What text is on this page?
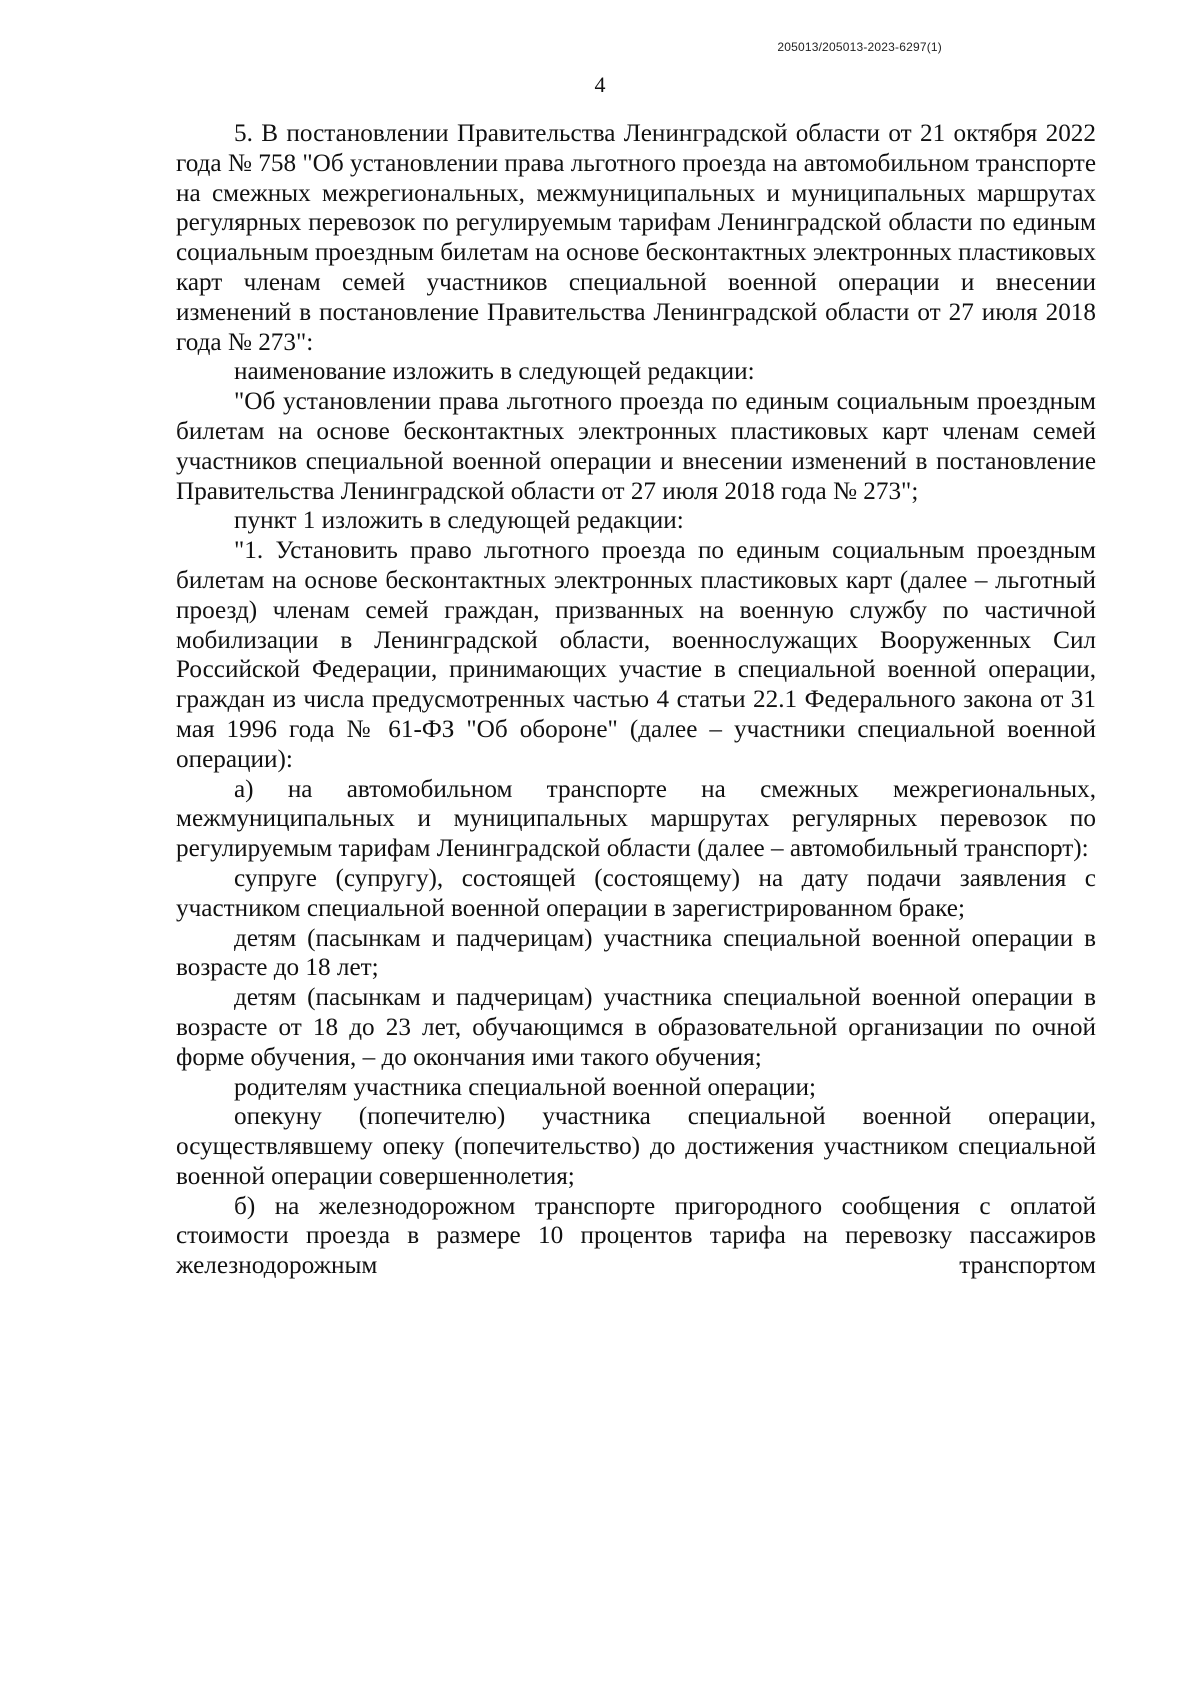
205013/205013-2023-6297(1)
4

5. В постановлении Правительства Ленинградской области от 21 октября 2022 года № 758 "Об установлении права льготного проезда на автомобильном транспорте на смежных межрегиональных, межмуниципальных и муниципальных маршрутах регулярных перевозок по регулируемым тарифам Ленинградской области по единым социальным проездным билетам на основе бесконтактных электронных пластиковых карт членам семей участников специальной военной операции и внесении изменений в постановление Правительства Ленинградской области от 27 июля 2018 года № 273":

наименование изложить в следующей редакции:

"Об установлении права льготного проезда по единым социальным проездным билетам на основе бесконтактных электронных пластиковых карт членам семей участников специальной военной операции и внесении изменений в постановление Правительства Ленинградской области от 27 июля 2018 года № 273";

пункт 1 изложить в следующей редакции:

"1. Установить право льготного проезда по единым социальным проездным билетам на основе бесконтактных электронных пластиковых карт (далее – льготный проезд) членам семей граждан, призванных на военную службу по частичной мобилизации в Ленинградской области, военнослужащих Вооруженных Сил Российской Федерации, принимающих участие в специальной военной операции, граждан из числа предусмотренных частью 4 статьи 22.1 Федерального закона от 31 мая 1996 года № 61-ФЗ "Об обороне" (далее – участники специальной военной операции):

а) на автомобильном транспорте на смежных межрегиональных, межмуниципальных и муниципальных маршрутах регулярных перевозок по регулируемым тарифам Ленинградской области (далее – автомобильный транспорт):

супруге (супругу), состоящей (состоящему) на дату подачи заявления с участником специальной военной операции в зарегистрированном браке;

детям (пасынкам и падчерицам) участника специальной военной операции в возрасте до 18 лет;

детям (пасынкам и падчерицам) участника специальной военной операции в возрасте от 18 до 23 лет, обучающимся в образовательной организации по очной форме обучения, – до окончания ими такого обучения;

родителям участника специальной военной операции;

опекуну (попечителю) участника специальной военной операции, осуществлявшему опеку (попечительство) до достижения участником специальной военной операции совершеннолетия;

б) на железнодорожном транспорте пригородного сообщения с оплатой стоимости проезда в размере 10 процентов тарифа на перевозку пассажиров железнодорожным транспортом
